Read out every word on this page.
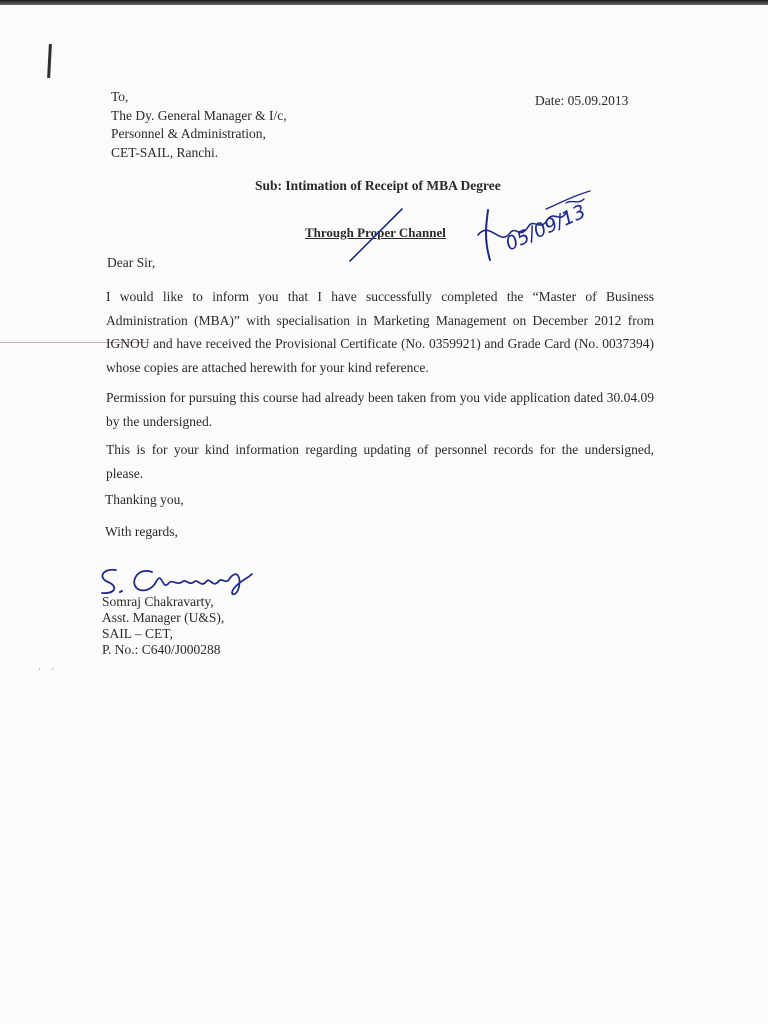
· ·
To,
The Dy. General Manager & I/c,
Personnel & Administration,
CET-SAIL, Ranchi.
Date: 05.09.2013
Sub: Intimation of Receipt of MBA Degree
Through Proper Channel	05/09/13
Dear Sir,

I would like to inform you that I have successfully completed the “Master of Business Administration (MBA)” with specialisation in Marketing Management on December 2012 from IGNOU and have received the Provisional Certificate (No. 0359921) and Grade Card (No. 0037394) whose copies are attached herewith for your kind reference.

Permission for pursuing this course had already been taken from you vide application dated 30.04.09 by the undersigned.

This is for your kind information regarding updating of personnel records for the undersigned, please.

Thanking you,
With regards,
Somraj Chakravarty,
Asst. Manager (U&S),
SAIL – CET,
P. No.: C640/J000288
